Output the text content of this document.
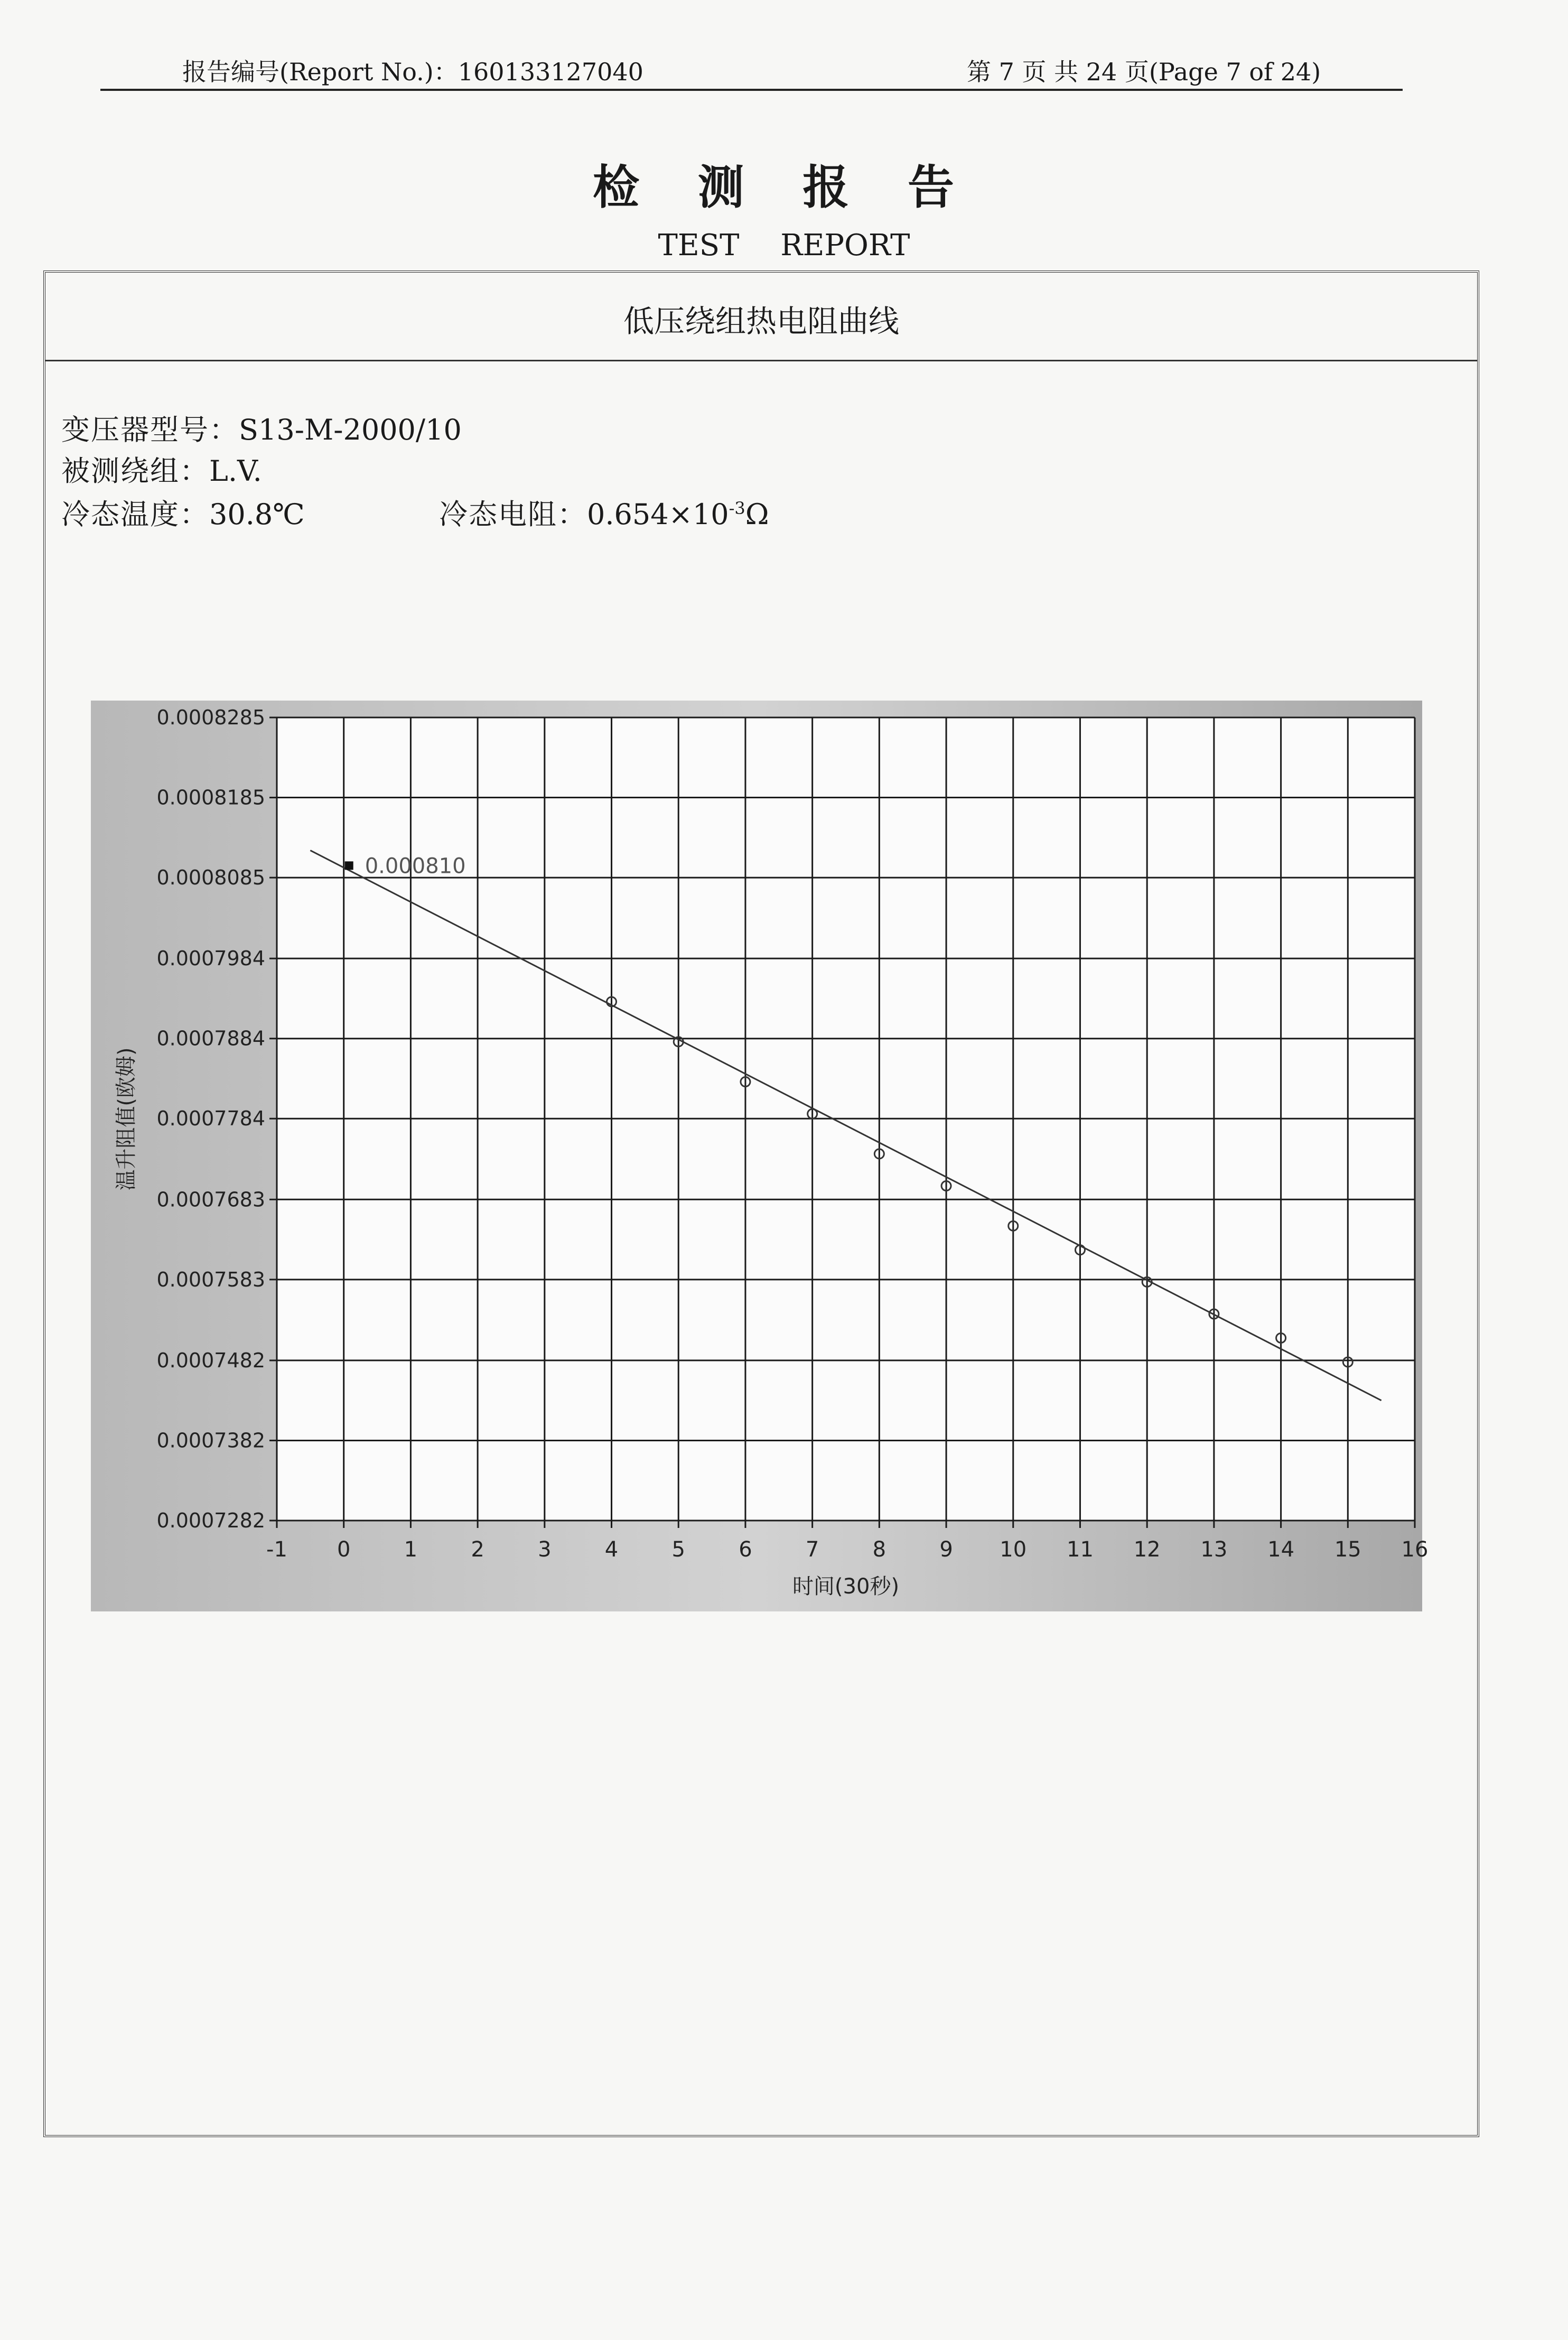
报告编号(Report No.)：160133127040	第 7 页 共 24 页(Page 7 of 24)
检 测 报 告
TEST REPORT
低压绕组热电阻曲线
变压器型号：S13-M-2000/10
被测绕组：L.V.
冷态温度：30.8℃	冷态电阻：$0.654\times 10^{-3}\Omega$
-1 0	1	2	3	4	5	6	7	8	9 10 11 12 13 14 15 16
0.0007282
0.0007382
0.0007482
0.0007583
0.0007683
0.0007784
0.0007884
0.0007984
0.0008085
0.0008185
0.0008285
0.000810
时间(30秒)
温升阻值(欧姆)
